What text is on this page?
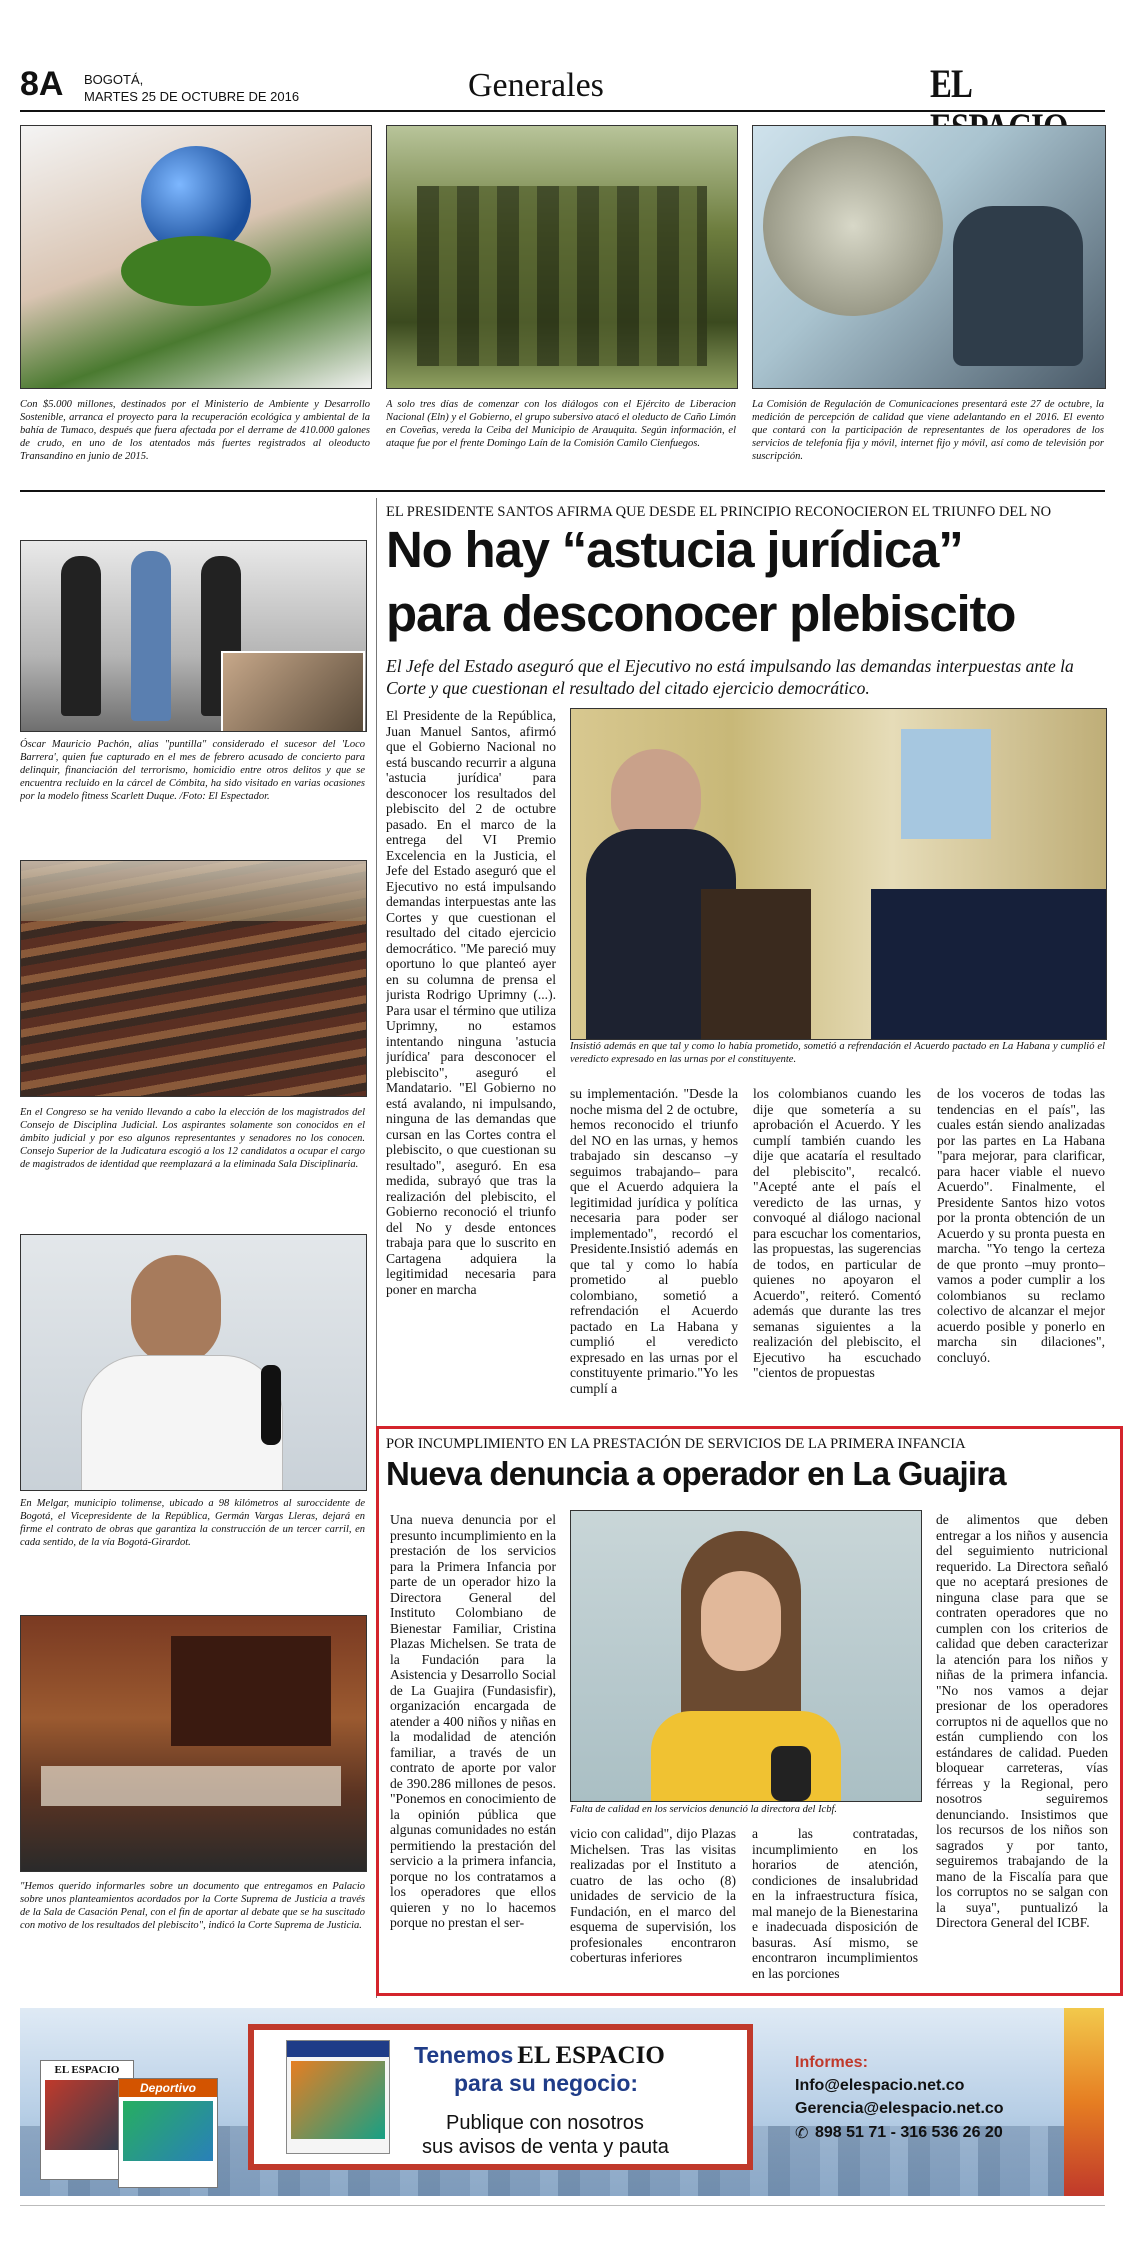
8A BOGOTÁ,
MARTES 25 DE OCTUBRE DE 2016	Generales	EL
Con $5.000 millones, destinados por el Ministerio de Ambiente y Desarrollo Sostenible, arranca el proyecto para la recuperación ecológica y ambiental de la bahía de Tumaco, después que fuera afectada por el derrame de 410.000 galones de crudo, en uno de los atentados más fuertes registrados al oleoducto Transandino en junio de 2015.
A solo tres días de comenzar con los diálogos con el Ejército de Liberacion Nacional (Eln) y el Gobierno, el grupo subersivo atacó el oleducto de Caño Limón en Coveñas, vereda la Ceiba del Municipio de Arauquita. Según información, el ataque fue por el frente Domingo Laín de la Comisión Camilo Cienfuegos.
La Comisión de Regulación de Comunicaciones presentará este 27 de octubre, la medición de percepción de calidad que viene adelantando en el 2016. El evento que contará con la participación de representantes de los operadores de los servicios de telefonía fija y móvil, internet fijo y móvil, así como de televisión por suscripción.
Óscar Mauricio Pachón, alias "puntilla" considerado el sucesor del 'Loco Barrera', quien fue capturado en el mes de febrero acusado de concierto para delinquir, financiación del terrorismo, homicidio entre otros delitos y que se encuentra recluido en la cárcel de Cómbita, ha sido visitado en varias ocasiones por la modelo fitness Scarlett Duque. /Foto: El Espectador.
En el Congreso se ha venido llevando a cabo la elección de los magistrados del Consejo de Disciplina Judicial. Los aspirantes solamente son conocidos en el ámbito judicial y por eso algunos representantes y senadores no los conocen. Consejo Superior de la Judicatura escogió a los 12 candidatos a ocupar el cargo de magistrados de identidad que reemplazará a la eliminada Sala Disciplinaria.
En Melgar, municipio tolimense, ubicado a 98 kilómetros al suroccidente de Bogotá, el Vicepresidente de la República, Germán Vargas Lleras, dejará en firme el contrato de obras que garantiza la construcción de un tercer carril, en cada sentido, de la vía Bogotá-Girardot.
"Hemos querido informarles sobre un documento que entregamos en Palacio sobre unos planteamientos acordados por la Corte Suprema de Justicia a través de la Sala de Casación Penal, con el fin de aportar al debate que se ha suscitado con motivo de los resultados del plebiscito", indicó la Corte Suprema de Justicia.
EL PRESIDENTE SANTOS AFIRMA QUE DESDE EL PRINCIPIO RECONOCIERON EL TRIUNFO DEL NO
No hay “astucia jurídica”
para desconocer plebiscito
El Jefe del Estado aseguró que el Ejecutivo no está impulsando las demandas interpuestas ante la Corte y que cuestionan el resultado del citado ejercicio democrático.
El Presidente de la República, Juan Manuel Santos, afirmó que el Gobierno Nacional no está buscando recurrir a alguna 'astucia jurídica' para desconocer los resultados del plebiscito del 2 de octubre pasado. En el marco de la entrega del VI Premio Excelencia en la Justicia, el Jefe del Estado aseguró que el Ejecutivo no está impulsando demandas interpuestas ante las Cortes y que cuestionan el resultado del citado ejercicio democrático. "Me pareció muy oportuno lo que planteó ayer en su columna de prensa el jurista Rodrigo Uprimny (...). Para usar el término que utiliza Uprimny, no estamos intentando ninguna 'astucia jurídica' para desconocer el plebiscito", aseguró el Mandatario. "El Gobierno no está avalando, ni impulsando, ninguna de las demandas que cursan en las Cortes contra el plebiscito, o que cuestionan su resultado", aseguró. En esa medida, subrayó que tras la realización del plebiscito, el Gobierno reconoció el triunfo del No y desde entonces trabaja para que lo suscrito en Cartagena adquiera la legitimidad necesaria para poner en marcha
Insistió además en que tal y como lo había prometido, sometió a refrendación el Acuerdo pactado en La Habana y cumplió el veredicto expresado en las urnas por el constituyente.
su implementación. "Desde la noche misma del 2 de octubre, hemos reconocido el triunfo del NO en las urnas, y hemos trabajado sin descanso –y seguimos trabajando– para que el Acuerdo adquiera la legitimidad jurídica y política necesaria para poder ser implementado", recordó el Presidente.Insistió además en que tal y como lo había prometido al pueblo colombiano, sometió a refrendación el Acuerdo pactado en La Habana y cumplió el veredicto expresado en las urnas por el constituyente primario."Yo les cumplí a
los colombianos cuando les dije que sometería a su aprobación el Acuerdo. Y les cumplí también cuando les dije que acataría el resultado del plebiscito", recalcó. "Acepté ante el país el veredicto de las urnas, y convoqué al diálogo nacional para escuchar los comentarios, las propuestas, las sugerencias de todos, en particular de quienes no apoyaron el Acuerdo", reiteró. Comentó además que durante las tres semanas siguientes a la realización del plebiscito, el Ejecutivo ha escuchado "cientos de propuestas
de los voceros de todas las tendencias en el país", las cuales están siendo analizadas por las partes en La Habana "para mejorar, para clarificar, para hacer viable el nuevo Acuerdo". Finalmente, el Presidente Santos hizo votos por la pronta obtención de un Acuerdo y su pronta puesta en marcha. "Yo tengo la certeza de que pronto –muy pronto– vamos a poder cumplir a los colombianos su reclamo colectivo de alcanzar el mejor acuerdo posible y ponerlo en marcha sin dilaciones", concluyó.
POR INCUMPLIMIENTO EN LA PRESTACIÓN DE SERVICIOS DE LA PRIMERA INFANCIA
Nueva denuncia a operador en La Guajira
Una nueva denuncia por el presunto incumplimiento en la prestación de los servicios para la Primera Infancia por parte de un operador hizo la Directora General del Instituto Colombiano de Bienestar Familiar, Cristina Plazas Michelsen. Se trata de la Fundación para la Asistencia y Desarrollo Social de La Guajira (Fundasisfir), organización encargada de atender a 400 niños y niñas en la modalidad de atención familiar, a través de un contrato de aporte por valor de 390.286 millones de pesos. "Ponemos en conocimiento de la opinión pública que algunas comunidades no están permitiendo la prestación del servicio a la primera infancia, porque no los contratamos a los operadores que ellos quieren y no lo hacemos porque no prestan el ser-
Falta de calidad en los servicios denunció la directora del Icbf.
vicio con calidad", dijo Plazas Michelsen. Tras las visitas realizadas por el Instituto a cuatro de las ocho (8) unidades de servicio de la Fundación, en el marco del esquema de supervisión, los profesionales encontraron coberturas inferiores
a las contratadas, incumplimiento en los horarios de atención, condiciones de insalubridad en la infraestructura física, mal manejo de la Bienestarina e inadecuada disposición de basuras. Así mismo, se encontraron incumplimientos en las porciones
de alimentos que deben entregar a los niños y ausencia del seguimiento nutricional requerido. La Directora señaló que no aceptará presiones de ninguna clase para que se contraten operadores que no cumplen con los criterios de calidad que deben caracterizar la atención para los niños y niñas de la primera infancia. "No nos vamos a dejar presionar de los operadores corruptos ni de aquellos que no están cumpliendo con los estándares de calidad. Pueden bloquear carreteras, vías férreas y la Regional, pero nosotros seguiremos denunciando. Insistimos que los recursos de los niños son sagrados y por tanto, seguiremos trabajando de la mano de la Fiscalía para que los corruptos no se salgan con la suya", puntualizó la Directora General del ICBF.
EL ESPACIO
Deportivo
Tenemos EL ESPACIO
para su negocio:
Publique con nosotros
sus avisos de venta y pauta
Informes:
Info@elespacio.net.co
Gerencia@elespacio.net.co
✆ 898 51 71 - 316 536 26 20
